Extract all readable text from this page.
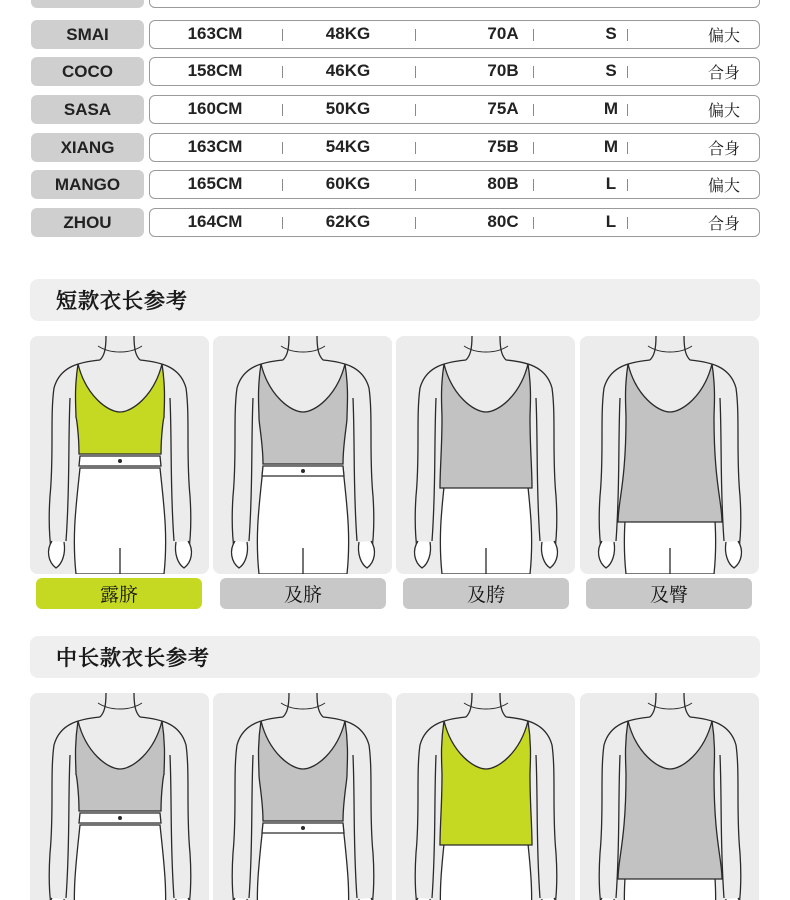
SMAI	163CM	48KG	70A	S	偏大
COCO	158CM	46KG	70B	S	合身
SASA	160CM	50KG	75A	M	偏大
XIANG	163CM	54KG	75B	M	合身
MANGO	165CM	60KG	80B	L	偏大
ZHOU	164CM	62KG	80C	L	合身
短款衣长参考
露脐	及脐	及胯	及臀
中长款衣长参考
